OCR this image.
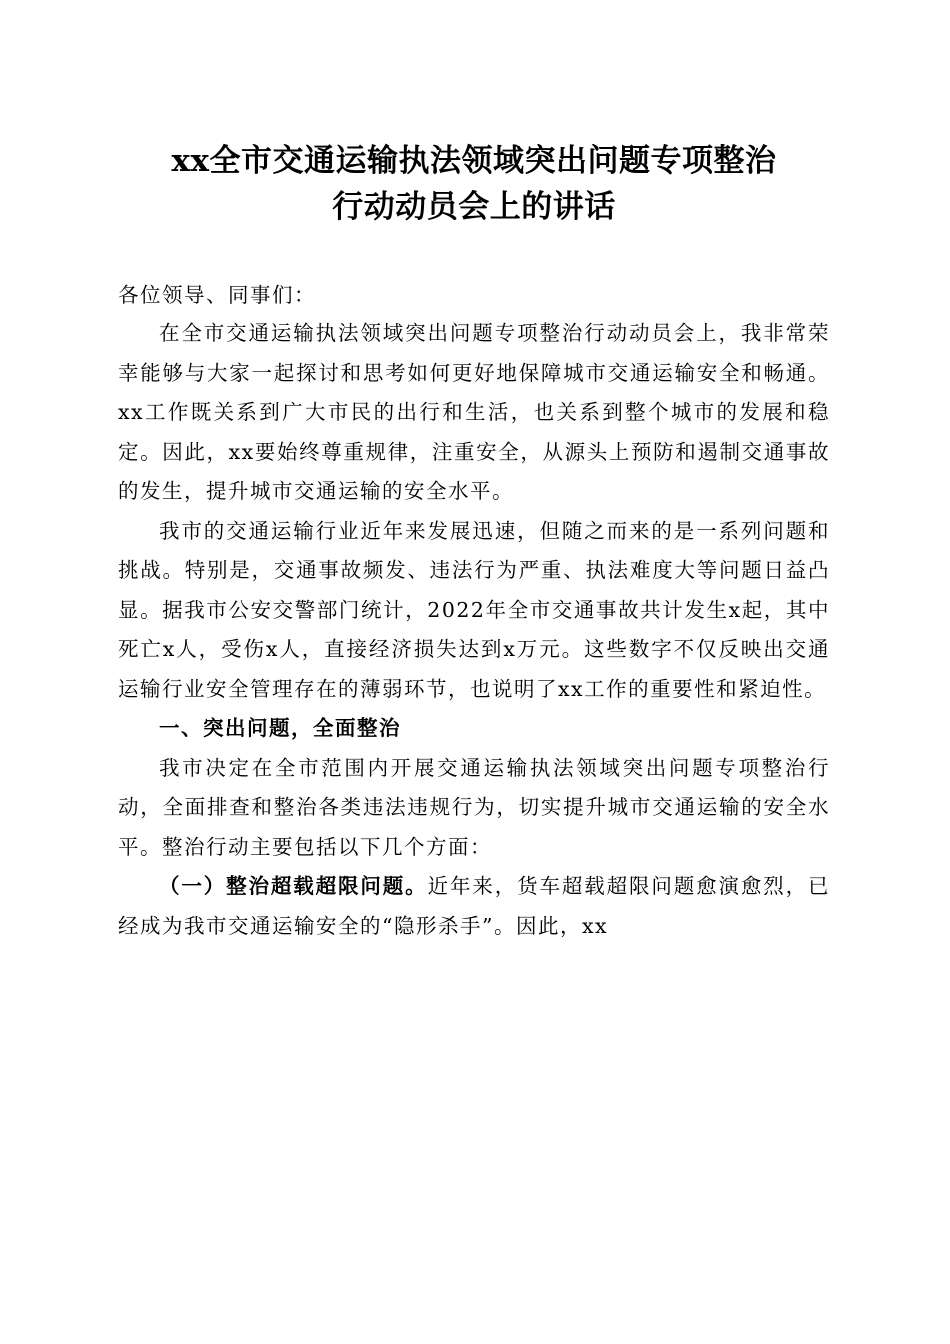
xx全市交通运输执法领域突出问题专项整治
行动动员会上的讲话

各位领导、同事们：

在全市交通运输执法领域突出问题专项整治行动动员会上，我非常荣幸能够与大家一起探讨和思考如何更好地保障城市交通运输安全和畅通。xx工作既关系到广大市民的出行和生活，也关系到整个城市的发展和稳定。因此，xx要始终尊重规律，注重安全，从源头上预防和遏制交通事故的发生，提升城市交通运输的安全水平。

我市的交通运输行业近年来发展迅速，但随之而来的是一系列问题和挑战。特别是，交通事故频发、违法行为严重、执法难度大等问题日益凸显。据我市公安交警部门统计，2022年全市交通事故共计发生x起，其中死亡x人，受伤x人，直接经济损失达到x万元。这些数字不仅反映出交通运输行业安全管理存在的薄弱环节，也说明了xx工作的重要性和紧迫性。

一、突出问题，全面整治

我市决定在全市范围内开展交通运输执法领域突出问题专项整治行动，全面排查和整治各类违法违规行为，切实提升城市交通运输的安全水平。整治行动主要包括以下几个方面：

（一）整治超载超限问题。近年来，货车超载超限问题愈演愈烈，已经成为我市交通运输安全的“隐形杀手”。因此，xx
